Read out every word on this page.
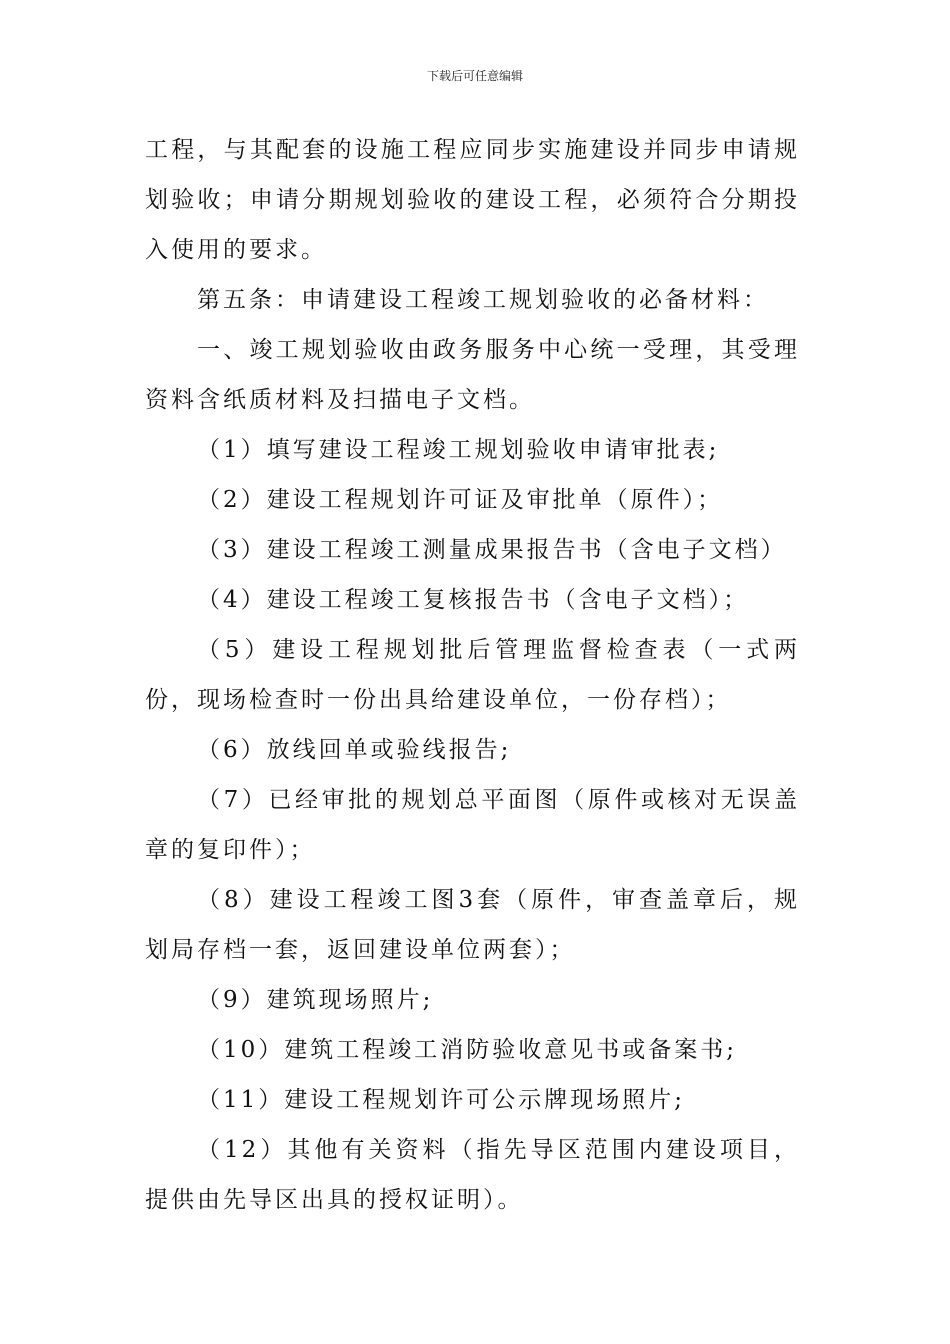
下载后可任意编辑

工程，与其配套的设施工程应同步实施建设并同步申请规划验收；申请分期规划验收的建设工程，必须符合分期投入使用的要求。

第五条：申请建设工程竣工规划验收的必备材料：

一、竣工规划验收由政务服务中心统一受理，其受理资料含纸质材料及扫描电子文档。

（1）填写建设工程竣工规划验收申请审批表;

（2）建设工程规划许可证及审批单（原件）；

（3）建设工程竣工测量成果报告书（含电子文档）

（4）建设工程竣工复核报告书（含电子文档）；

（5）建设工程规划批后管理监督检查表（一式两份，现场检查时一份出具给建设单位，一份存档）；

（6）放线回单或验线报告;

（7）已经审批的规划总平面图（原件或核对无误盖章的复印件）；

（8）建设工程竣工图3套（原件，审查盖章后，规划局存档一套，返回建设单位两套）；

（9）建筑现场照片;

（10）建筑工程竣工消防验收意见书或备案书;

（11）建设工程规划许可公示牌现场照片;

（12）其他有关资料（指先导区范围内建设项目，提供由先导区出具的授权证明）。
